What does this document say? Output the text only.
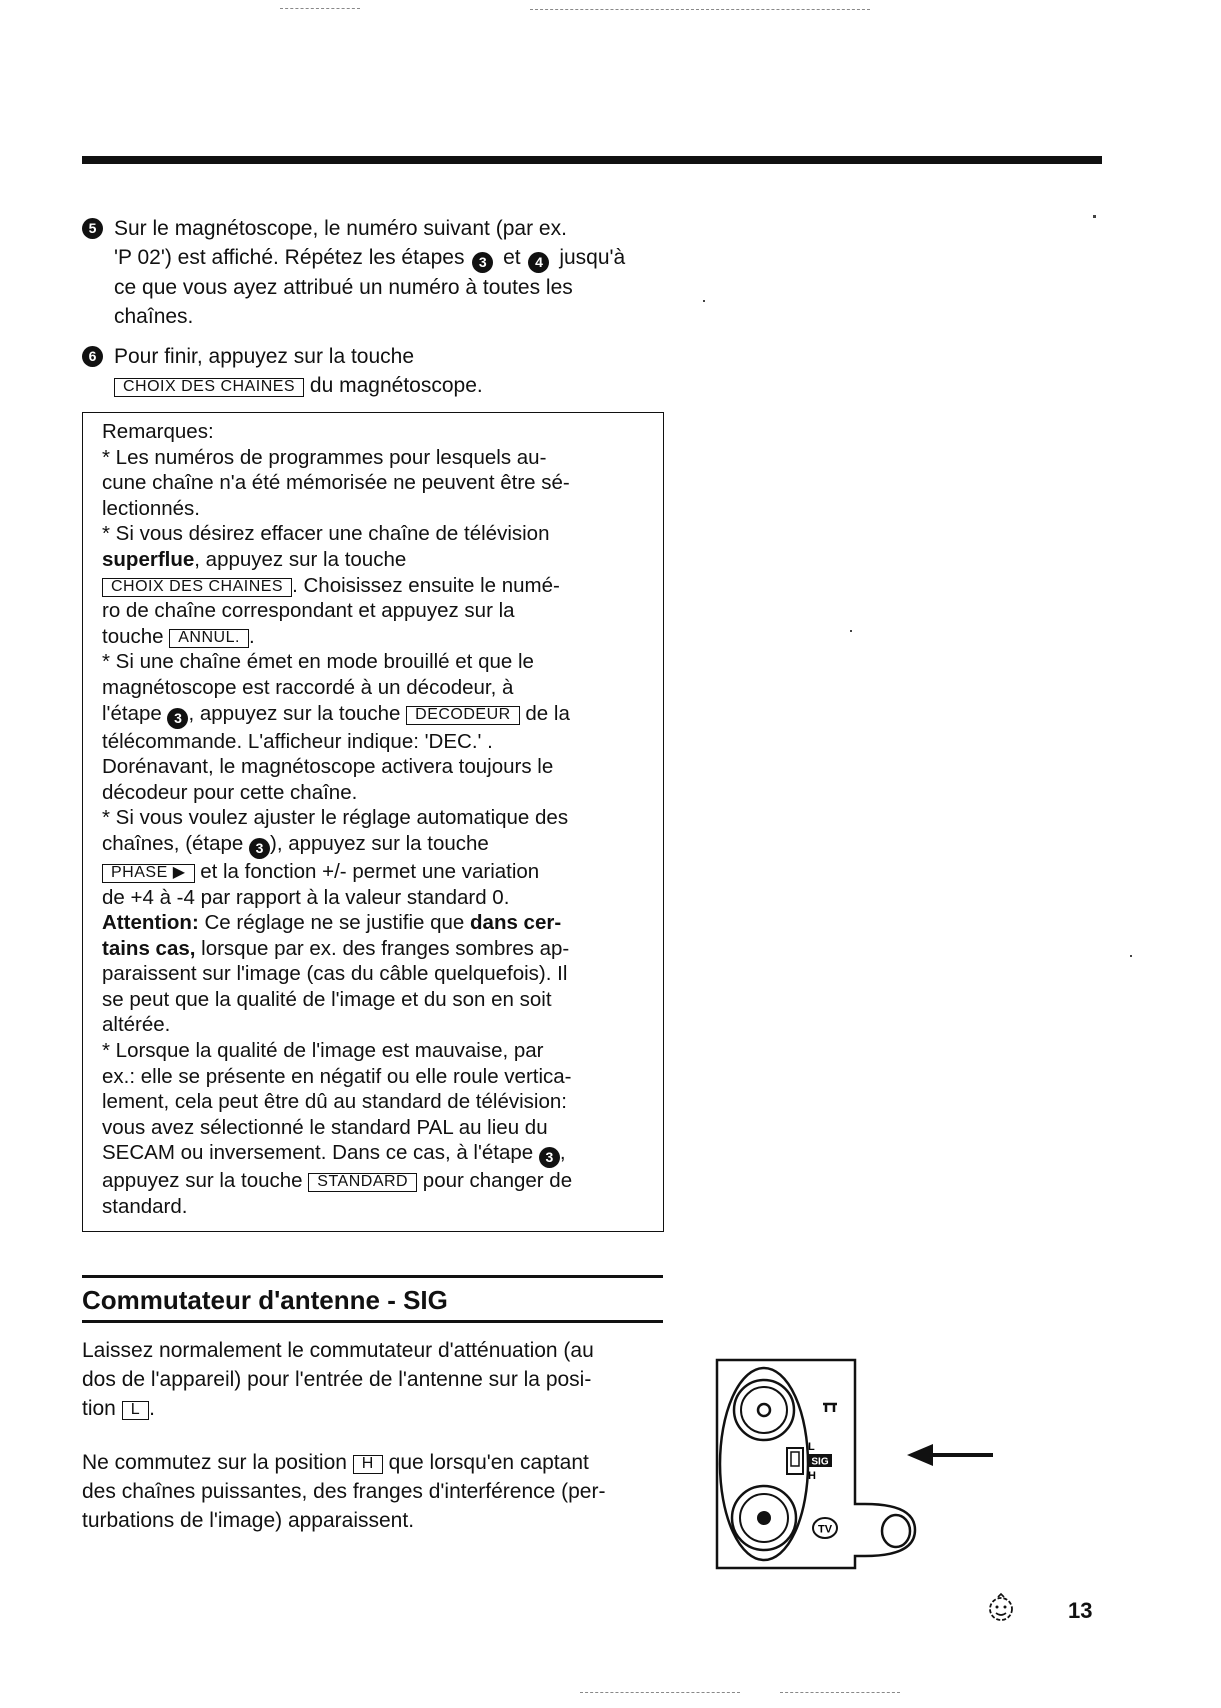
5 Sur le magnétoscope, le numéro suivant (par ex.
'P 02') est affiché. Répétez les étapes 3 et 4 jusqu'à
ce que vous ayez attribué un numéro à toutes les
chaînes.
6 Pour finir, appuyez sur la touche
CHOIX DES CHAINES du magnétoscope.

Remarques:

* Les numéros de programmes pour lesquels au-

cune chaîne n'a été mémorisée ne peuvent être sé-

lectionnés.

* Si vous désirez effacer une chaîne de télévision

superflue, appuyez sur la touche

CHOIX DES CHAINES . Choisissez ensuite le numé-

ro de chaîne correspondant et appuyez sur la

touche ANNUL. .

* Si une chaîne émet en mode brouillé et que le

magnétoscope est raccordé à un décodeur, à

l'étape 3 , appuyez sur la touche DECODEUR de la

télécommande. L'afficheur indique: 'DEC.' .

Dorénavant, le magnétoscope activera toujours le

décodeur pour cette chaîne.

* Si vous voulez ajuster le réglage automatique des

chaînes, (étape 3 ), appuyez sur la touche

PHASE ▶ et la fonction +/- permet une variation

de +4 à -4 par rapport à la valeur standard 0.

Attention: Ce réglage ne se justifie que dans cer-

tains cas, lorsque par ex. des franges sombres ap-

paraissent sur l'image (cas du câble quelquefois). Il

se peut que la qualité de l'image et du son en soit

altérée.

* Lorsque la qualité de l'image est mauvaise, par

ex.: elle se présente en négatif ou elle roule vertica-

lement, cela peut être dû au standard de télévision:

vous avez sélectionné le standard PAL au lieu du

SECAM ou inversement. Dans ce cas, à l'étape 3 ,

appuyez sur la touche STANDARD pour changer de

standard.

Commutateur d'antenne - SIG
Laissez normalement le commutateur d'atténuation (au
dos de l'appareil) pour l'entrée de l'antenne sur la posi-
tion L .
Ne commutez sur la position H que lorsqu'en captant
des chaînes puissantes, des franges d'interférence (per-
turbations de l'image) apparaissent.
L
SIG
H
TV
13
